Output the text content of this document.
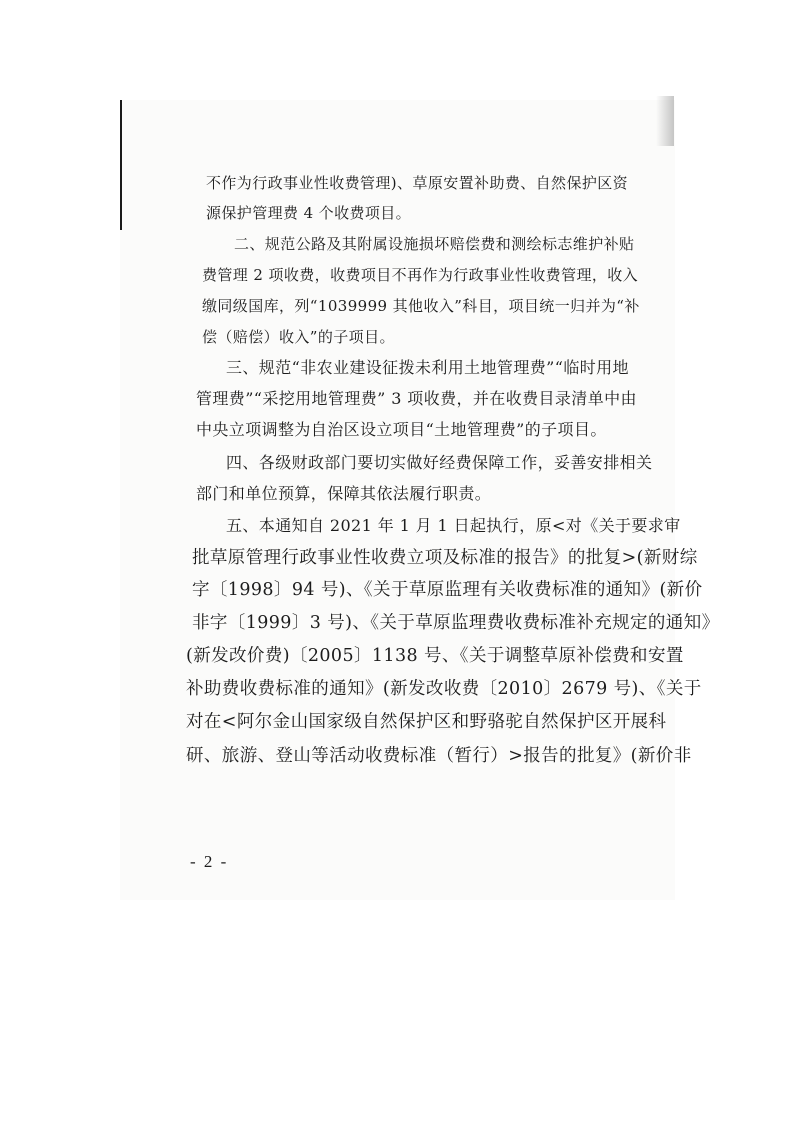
不作为行政事业性收费管理)、草原安置补助费、自然保护区资
源保护管理费 4 个收费项目。
二、规范公路及其附属设施损坏赔偿费和测绘标志维护补贴
费管理 2 项收费，收费项目不再作为行政事业性收费管理，收入
缴同级国库，列“1039999 其他收入”科目，项目统一归并为“补
偿（赔偿）收入”的子项目。
三、规范“非农业建设征拨未利用土地管理费”“临时用地
管理费”“采挖用地管理费” 3 项收费，并在收费目录清单中由
中央立项调整为自治区设立项目“土地管理费”的子项目。
四、各级财政部门要切实做好经费保障工作，妥善安排相关
部门和单位预算，保障其依法履行职责。
五、本通知自 2021 年 1 月 1 日起执行，原<对《关于要求审
批草原管理行政事业性收费立项及标准的报告》的批复>(新财综
字〔1998〕94 号)、《关于草原监理有关收费标准的通知》(新价
非字〔1999〕3 号)、《关于草原监理费收费标准补充规定的通知》
(新发改价费)〔2005〕1138 号、《关于调整草原补偿费和安置
补助费收费标准的通知》(新发改收费〔2010〕2679 号)、《关于
对在<阿尔金山国家级自然保护区和野骆驼自然保护区开展科
研、旅游、登山等活动收费标准（暂行）>报告的批复》(新价非
- 2 -
